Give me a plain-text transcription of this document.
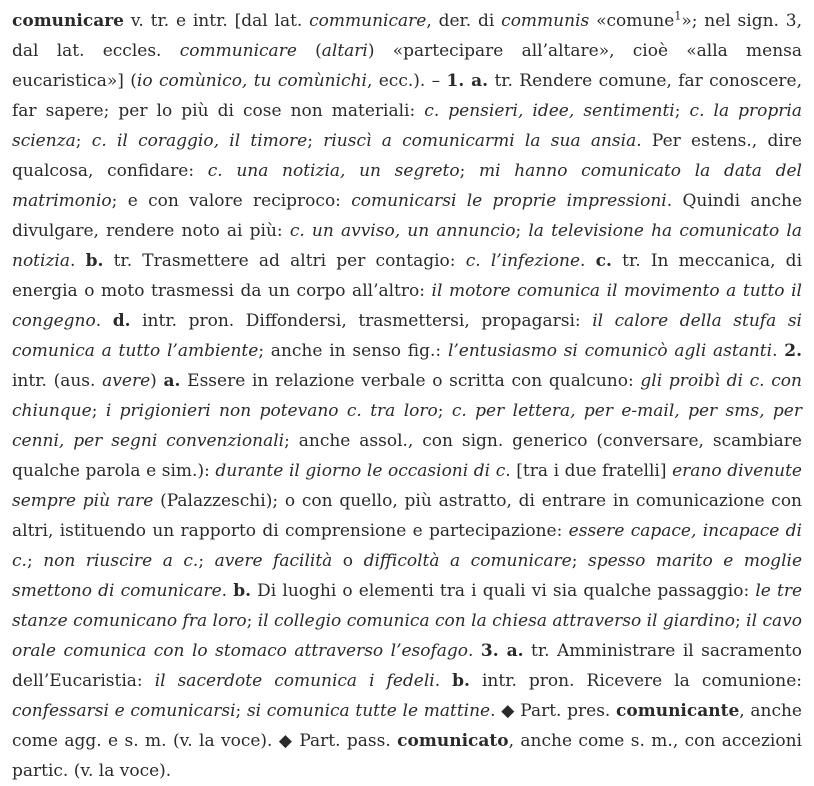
comunicare v. tr. e intr. [dal lat. communicare, der. di communis «comune$^1$»; nel sign. 3, dal lat. eccles. communicare (altari) «partecipare all’altare», cioè «alla mensa eucaristica»] (io comùnico, tu comùnichi, ecc.). – 1. a. tr. Rendere comune, far conoscere, far sapere; per lo più di cose non materiali: c. pensieri, idee, sentimenti; c. la propria scienza; c. il coraggio, il timore; riuscì a comunicarmi la sua ansia. Per estens., dire qualcosa, confidare: c. una notizia, un segreto; mi hanno comunicato la data del matrimonio; e con valore reciproco: comunicarsi le proprie impressioni. Quindi anche divulgare, rendere noto ai più: c. un avviso, un annuncio; la televisione ha comunicato la notizia. b. tr. Trasmettere ad altri per contagio: c. l’infezione. c. tr. In meccanica, di energia o moto trasmessi da un corpo all’altro: il motore comunica il movimento a tutto il congegno. d. intr. pron. Diffondersi, trasmettersi, propagarsi: il calore della stufa si comunica a tutto l’ambiente; anche in senso fig.: l’entusiasmo si comunicò agli astanti. 2. intr. (aus. avere) a. Essere in relazione verbale o scritta con qualcuno: gli proibì di c. con chiunque; i prigionieri non potevano c. tra loro; c. per lettera, per e-mail, per sms, per cenni, per segni convenzionali; anche assol., con sign. generico (conversare, scambiare qualche parola e sim.): durante il giorno le occasioni di c. [tra i due fratelli] erano divenute sempre più rare (Palazzeschi); o con quello, più astratto, di entrare in comunicazione con altri, istituendo un rapporto di comprensione e partecipazione: essere capace, incapace di c.; non riuscire a c.; avere facilità o difficoltà a comunicare; spesso marito e moglie smettono di comunicare. b. Di luoghi o elementi tra i quali vi sia qualche passaggio: le tre stanze comunicano fra loro; il collegio comunica con la chiesa attraverso il giardino; il cavo orale comunica con lo stomaco attraverso l’esofago. 3. a. tr. Amministrare il sacramento dell’Eucaristia: il sacerdote comunica i fedeli. b. intr. pron. Ricevere la comunione: confessarsi e comunicarsi; si comunica tutte le mattine. ◆ Part. pres. comunicante, anche come agg. e s. m. (v. la voce). ◆ Part. pass. comunicato, anche come s. m., con accezioni partic. (v. la voce).
